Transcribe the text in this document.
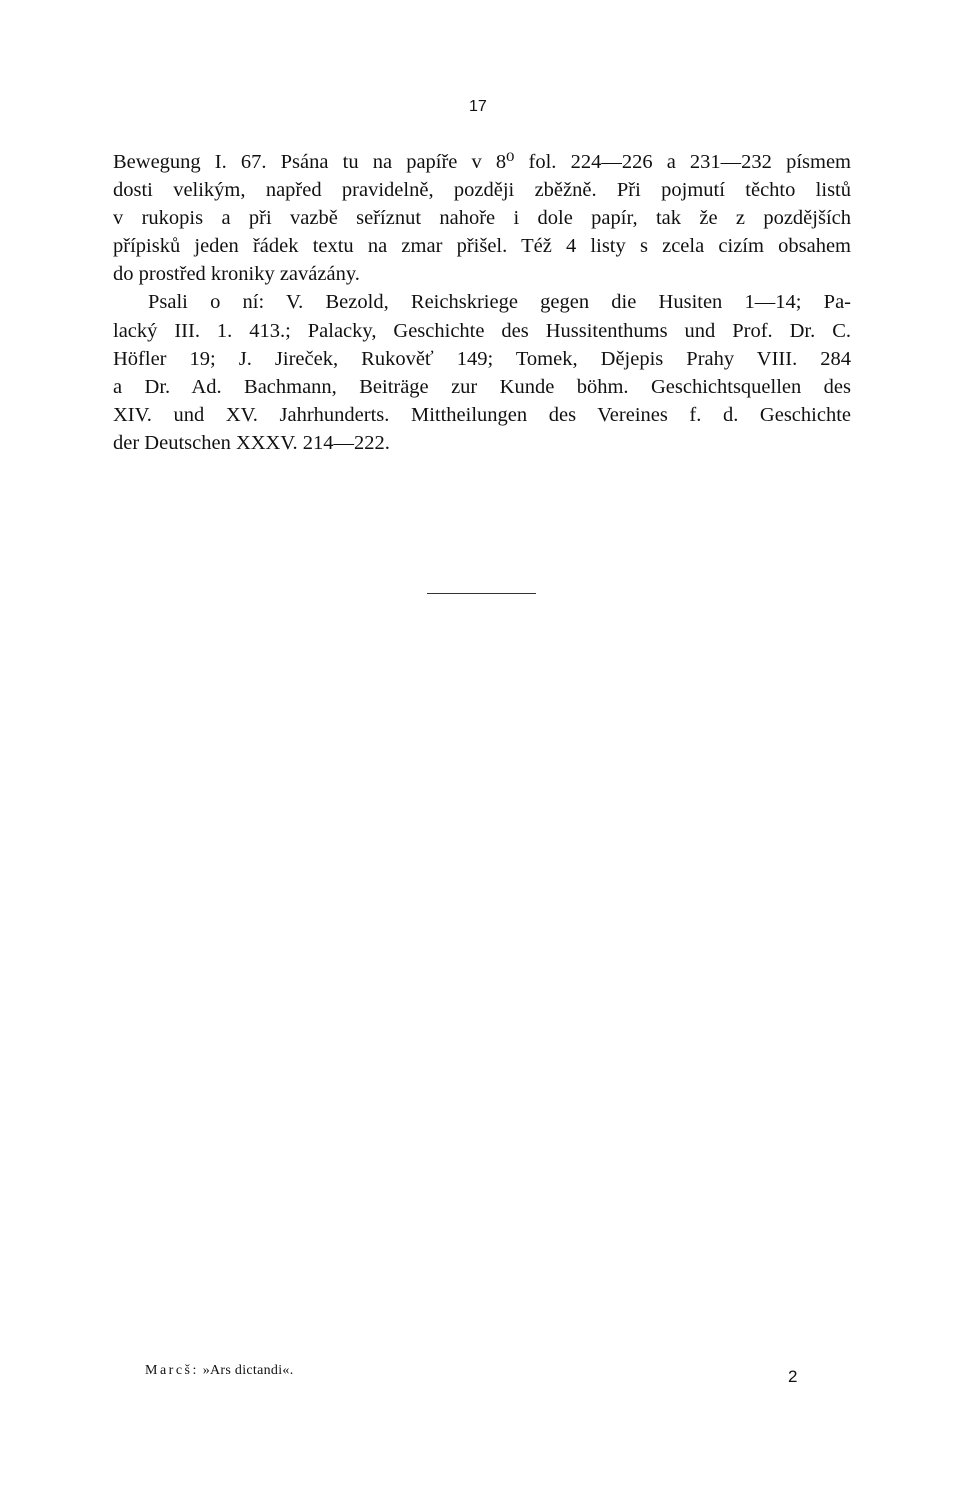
17
Bewegung I. 67. Psána tu na papíře v 8⁰ fol. 224—226 a 231—232 písmem
dosti velikým, napřed pravidelně, později zběžně. Při pojmutí těchto listů
v rukopis a při vazbě seříznut nahoře i dole papír, tak že z pozdějších
přípisků jeden řádek textu na zmar přišel. Též 4 listy s zcela cizím obsahem
do prostřed kroniky zavázány.
Psali o ní: V. Bezold, Reichskriege gegen die Husiten 1—14; Pa-
lacký III. 1. 413.; Palacky, Geschichte des Hussitenthums und Prof. Dr. C.
Höfler 19; J. Jireček, Rukověť 149; Tomek, Dějepis Prahy VIII. 284
a Dr. Ad. Bachmann, Beiträge zur Kunde böhm. Geschichtsquellen des
XIV. und XV. Jahrhunderts. Mittheilungen des Vereines f. d. Geschichte
der Deutschen XXXV. 214—222.
Marcš: »Ars dictandi«.	2
